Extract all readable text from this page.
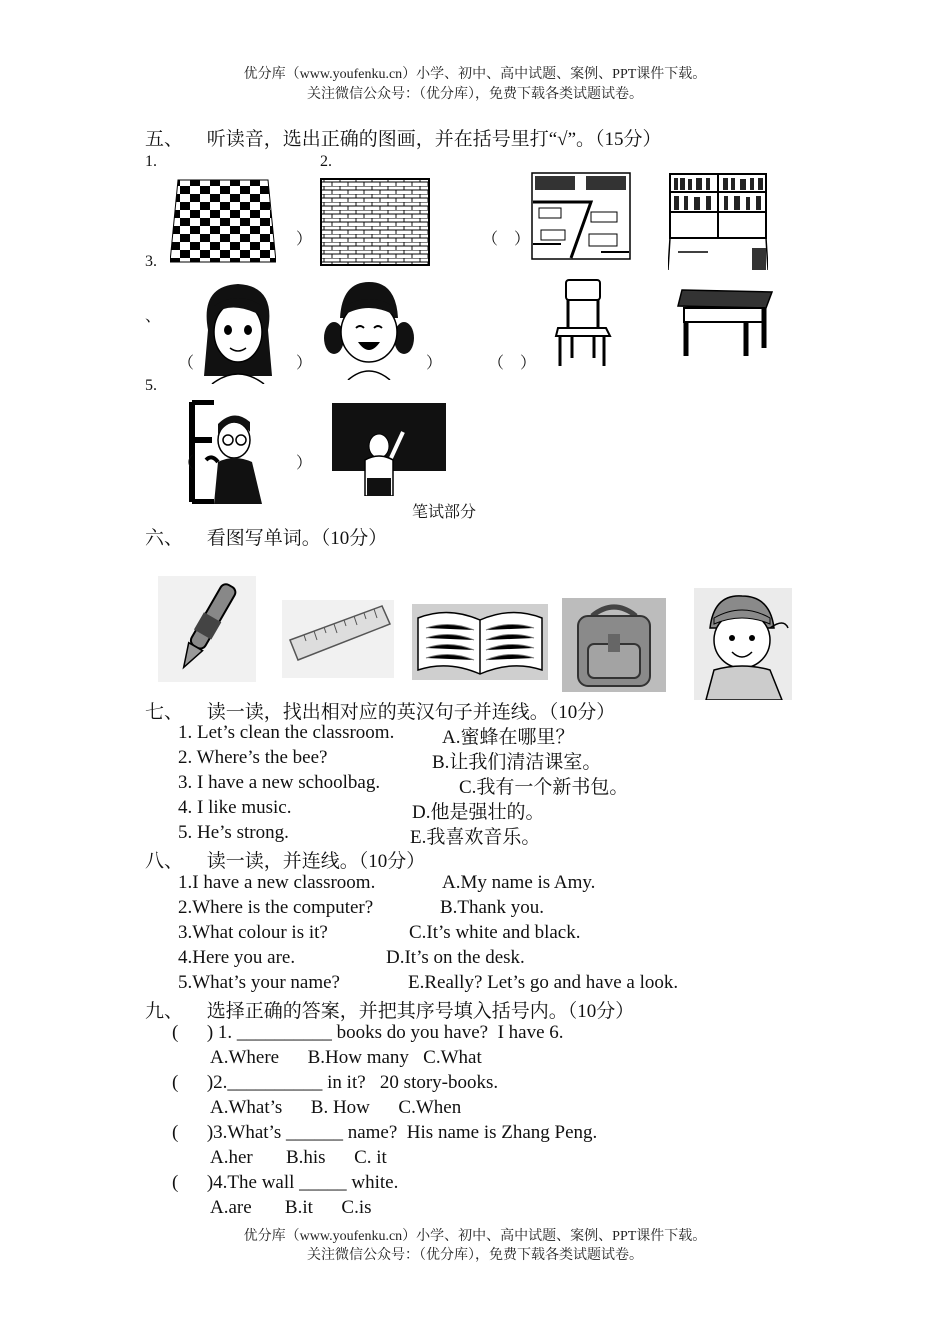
优分库（www.youfenku.cn）小学、初中、高中试题、案例、PPT课件下载。
关注微信公众号：（优分库），免费下载各类试题试卷。
五、     听读音，选出正确的图画，并在括号里打“√”。（15分）
1.	2.
）	（    ）
3.
、
（	）	）	（    ）
5.
（	）
笔试部分
六、     看图写单词。（10分）
七、     读一读，找出相对应的英汉句子并连线。（10分）
1. Let’s clean the classroom.	A.蜜蜂在哪里？
2. Where’s the bee?	B.让我们清洁课室。
3. I have a new schoolbag.	C.我有一个新书包。
4. I like music.	D.他是强壮的。
5. He’s strong.	E.我喜欢音乐。
八、     读一读，并连线。（10分）
1.I have a new classroom.	A.My name is Amy.
2.Where is the computer?	B.Thank you.
3.What colour is it?	C.It’s white and black.
4.Here you are.	D.It’s on the desk.
5.What’s your name?	E.Really? Let’s go and have a look.
九、     选择正确的答案，并把其序号填入括号内。（10分）
(      ) 1. __________ books do you have?  I have 6.
A.Where      B.How many   C.What
(      )2.__________ in it?   20 story-books.
A.What’s      B. How      C.When
(      )3.What’s ______ name?  His name is Zhang Peng.
A.her       B.his      C. it
(      )4.The wall _____ white.
A.are       B.it      C.is
优分库（www.youfenku.cn）小学、初中、高中试题、案例、PPT课件下载。
关注微信公众号：（优分库），免费下载各类试题试卷。
